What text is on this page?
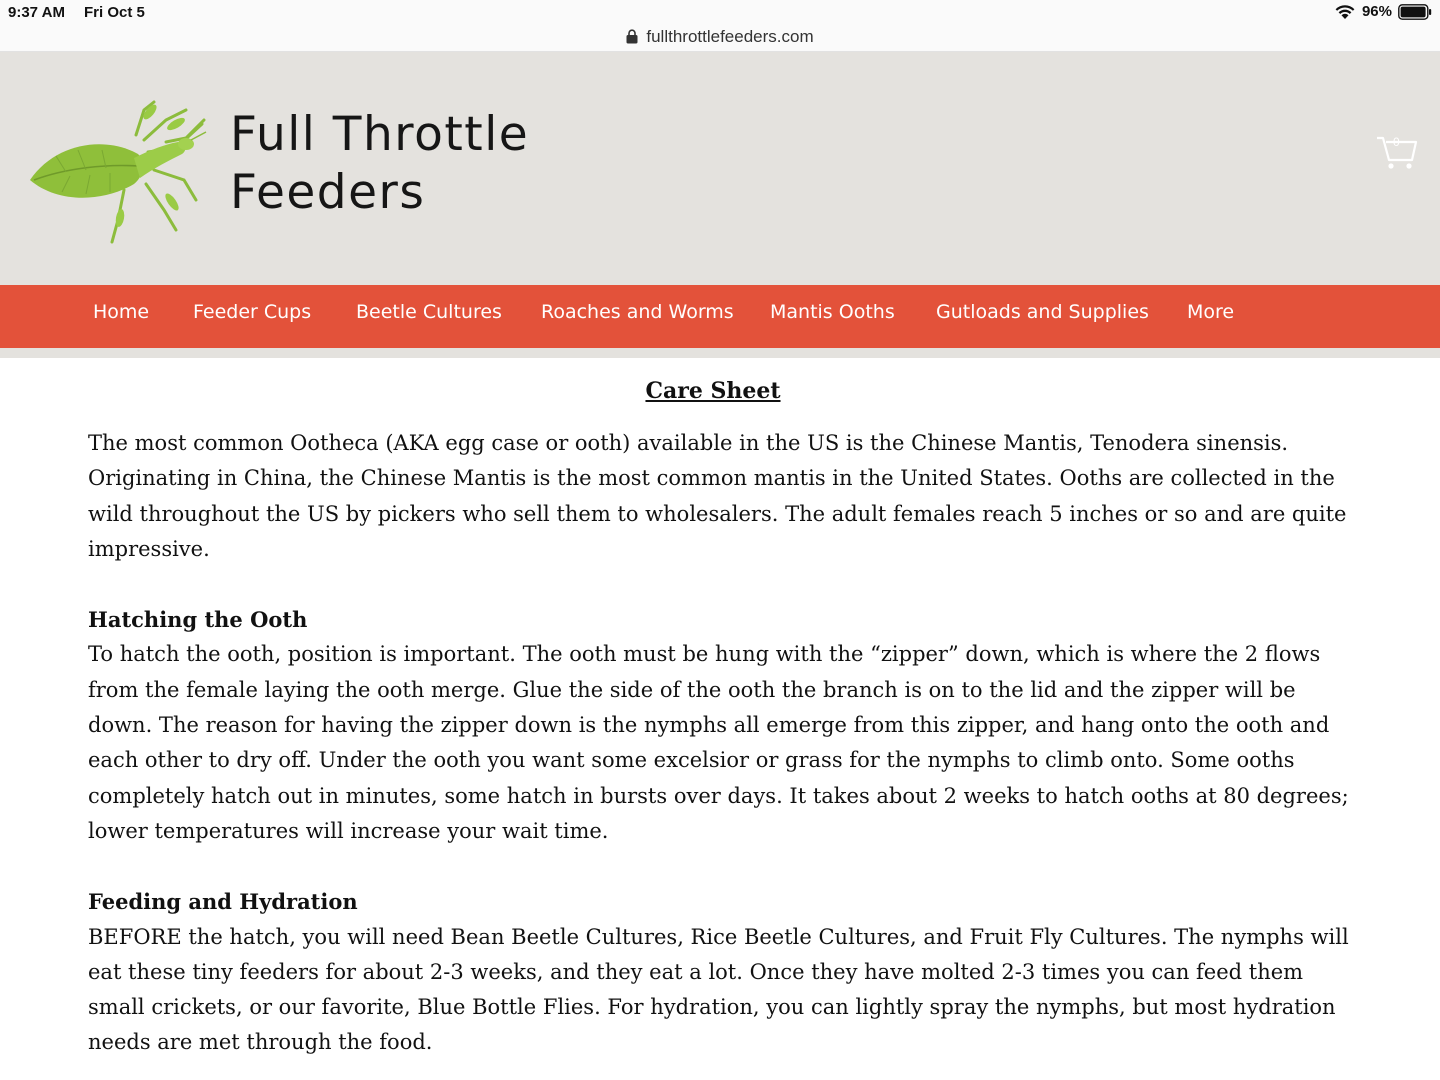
9:37 AM Fri Oct 5	96%
fullthrottlefeeders.com
Full Throttle
Feeders
0
Home Feeder Cups Beetle Cultures Roaches and Worms Mantis Ooths Gutloads and Supplies More
Care Sheet

The most common Ootheca (AKA egg case or ooth) available in the US is the Chinese Mantis, Tenodera sinensis. Originating in China, the Chinese Mantis is the most common mantis in the United States. Ooths are collected in the wild throughout the US by pickers who sell them to wholesalers. The adult females reach 5 inches or so and are quite impressive.

Hatching the Ooth

To hatch the ooth, position is important. The ooth must be hung with the “zipper” down, which is where the 2 flows from the female laying the ooth merge. Glue the side of the ooth the branch is on to the lid and the zipper will be down. The reason for having the zipper down is the nymphs all emerge from this zipper, and hang onto the ooth and each other to dry off. Under the ooth you want some excelsior or grass for the nymphs to climb onto. Some ooths completely hatch out in minutes, some hatch in bursts over days. It takes about 2 weeks to hatch ooths at 80 degrees; lower temperatures will increase your wait time.

Feeding and Hydration

BEFORE the hatch, you will need Bean Beetle Cultures, Rice Beetle Cultures, and Fruit Fly Cultures. The nymphs will eat these tiny feeders for about 2-3 weeks, and they eat a lot. Once they have molted 2-3 times you can feed them small crickets, or our favorite, Blue Bottle Flies. For hydration, you can lightly spray the nymphs, but most hydration needs are met through the food.
